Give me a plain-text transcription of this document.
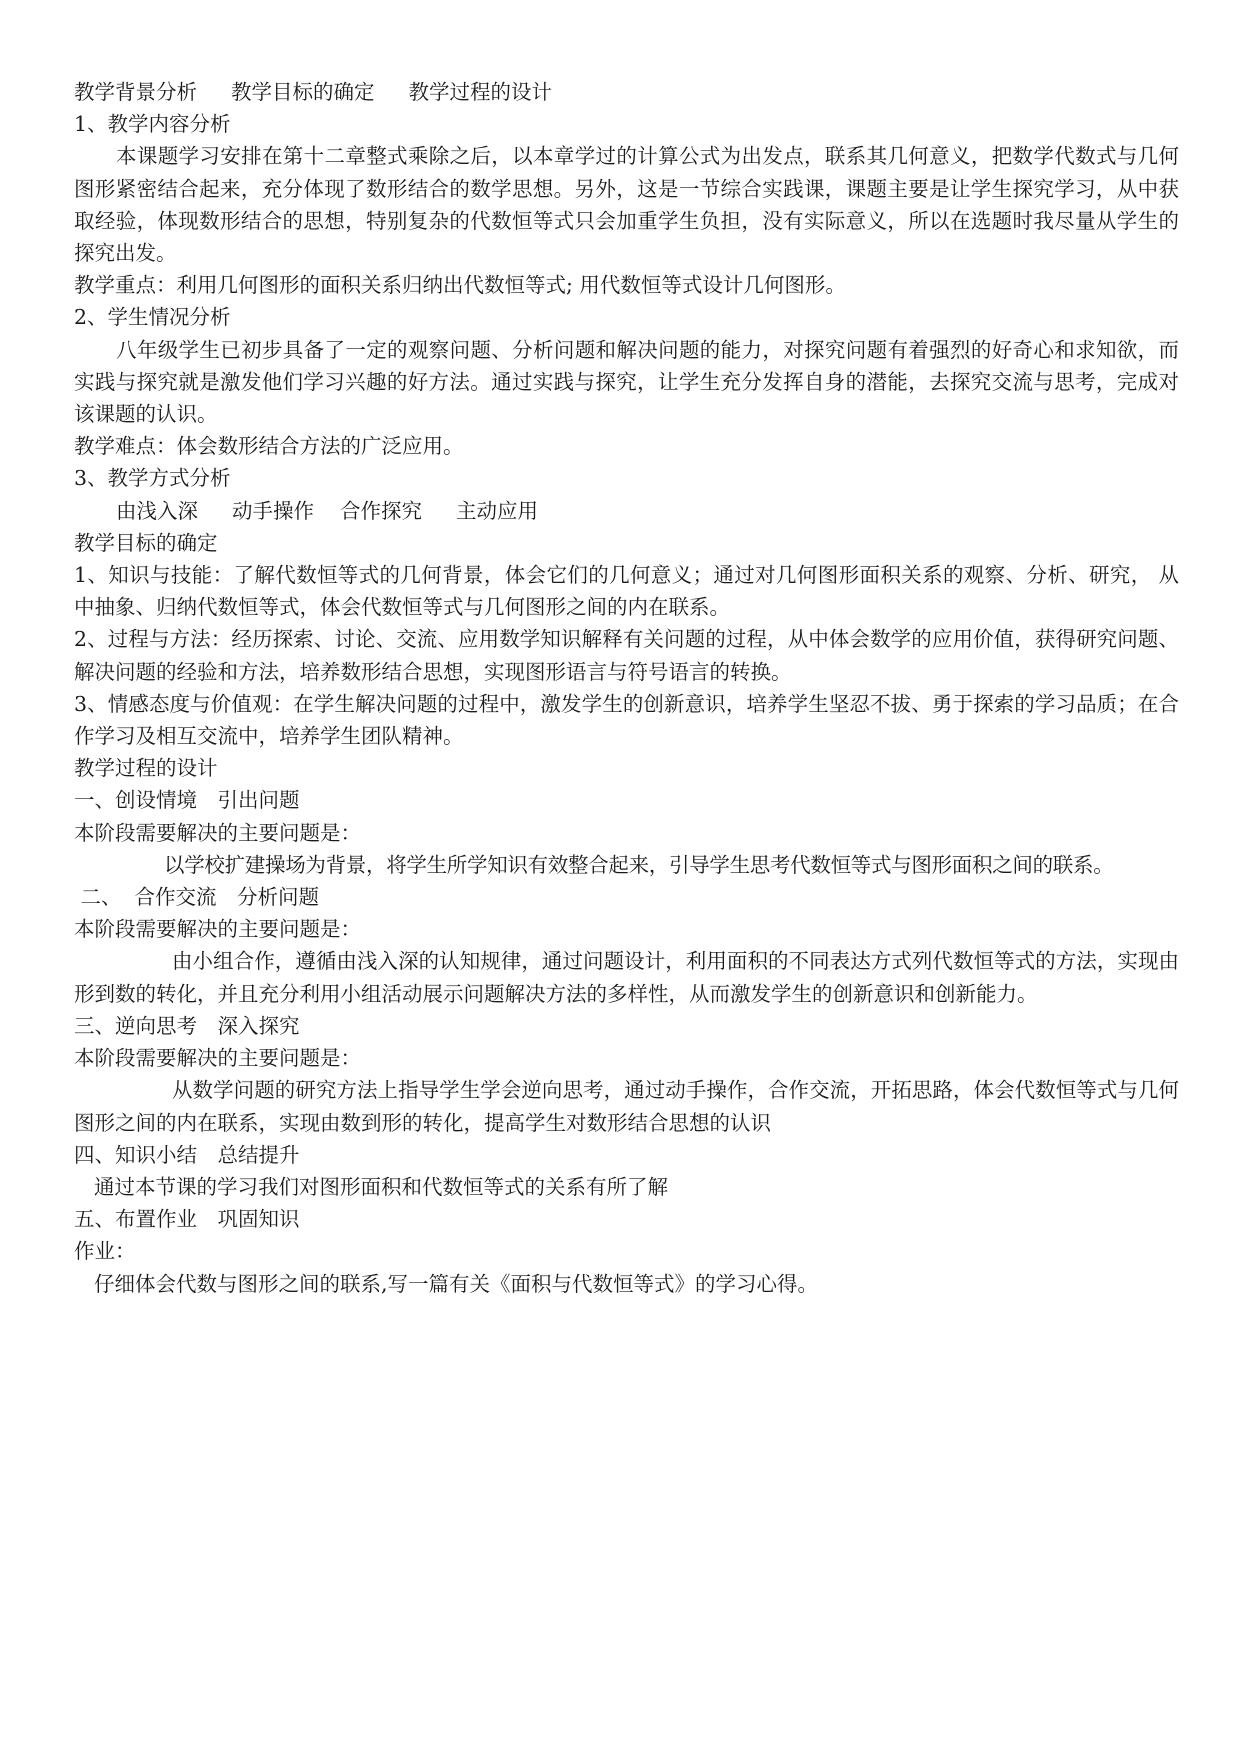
教学背景分析 教学目标的确定 教学过程的设计
1、教学内容分析
本课题学习安排在第十二章整式乘除之后，以本章学过的计算公式为出发点，联系其几何意义，把数学代数式与几何图形紧密结合起来，充分体现了数形结合的数学思想。另外，这是一节综合实践课，课题主要是让学生探究学习，从中获取经验，体现数形结合的思想，特别复杂的代数恒等式只会加重学生负担，没有实际意义，所以在选题时我尽量从学生的探究出发。
教学重点：利用几何图形的面积关系归纳出代数恒等式; 用代数恒等式设计几何图形。
2、学生情况分析
八年级学生已初步具备了一定的观察问题、分析问题和解决问题的能力，对探究问题有着强烈的好奇心和求知欲，而实践与探究就是激发他们学习兴趣的好方法。通过实践与探究，让学生充分发挥自身的潜能，去探究交流与思考，完成对该课题的认识。
教学难点：体会数形结合方法的广泛应用。
3、教学方式分析
由浅入深 动手操作 合作探究 主动应用
教学目标的确定
1、知识与技能：了解代数恒等式的几何背景，体会它们的几何意义；通过对几何图形面积关系的观察、分析、研究， 从中抽象、归纳代数恒等式，体会代数恒等式与几何图形之间的内在联系。
2、过程与方法：经历探索、讨论、交流、应用数学知识解释有关问题的过程，从中体会数学的应用价值，获得研究问题、解决问题的经验和方法，培养数形结合思想，实现图形语言与符号语言的转换。
3、情感态度与价值观：在学生解决问题的过程中，激发学生的创新意识，培养学生坚忍不拔、勇于探索的学习品质；在合作学习及相互交流中，培养学生团队精神。
教学过程的设计
一、创设情境　引出问题
本阶段需要解决的主要问题是：
以学校扩建操场为背景，将学生所学知识有效整合起来，引导学生思考代数恒等式与图形面积之间的联系。
二、  合作交流　分析问题
本阶段需要解决的主要问题是：
由小组合作，遵循由浅入深的认知规律，通过问题设计，利用面积的不同表达方式列代数恒等式的方法，实现由形到数的转化，并且充分利用小组活动展示问题解决方法的多样性，从而激发学生的创新意识和创新能力。
三、逆向思考　深入探究
本阶段需要解决的主要问题是：
从数学问题的研究方法上指导学生学会逆向思考，通过动手操作，合作交流，开拓思路，体会代数恒等式与几何图形之间的内在联系，实现由数到形的转化，提高学生对数形结合思想的认识
四、知识小结　总结提升
通过本节课的学习我们对图形面积和代数恒等式的关系有所了解
五、布置作业　巩固知识
作业：
仔细体会代数与图形之间的联系,写一篇有关《面积与代数恒等式》的学习心得。
